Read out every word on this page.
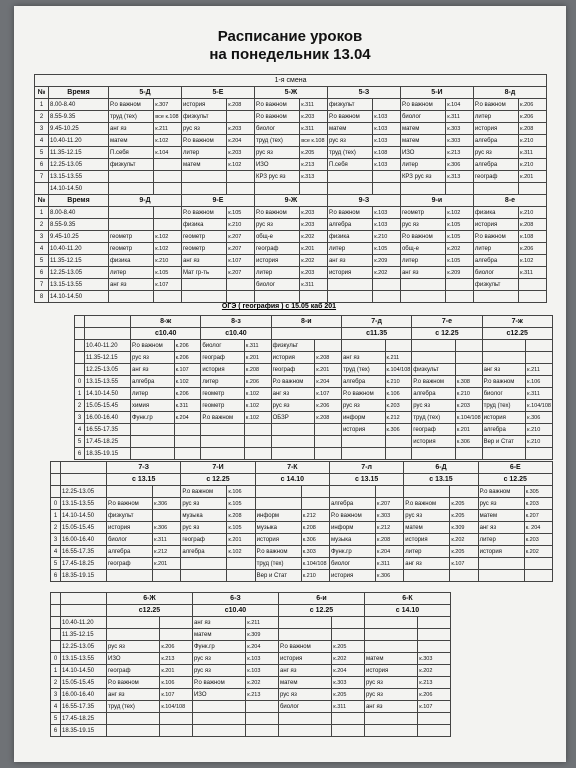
Расписание уроков
на понедельник 13.04
1-я смена													
№	Время	5-Д		5-Е		5-Ж		5-З		5-И		8-д	
1	8.00-8.40	Р.о важном	к.307	история	к.208	Р.о важном	к.311	физкульт		Р.о важном	к.104	Р.о важном	к.206
2	8.55-9.35	труд (тех)	все к.108	физкульт		Р.о важном	к.203	Р.о важном	к.103	биолог	к.311	литер	к.206
3	9.45-10.25	анг яз	к.211	рус яз	к.203	биолог	к.311	матем	к.103	матем	к.303	история	к.208
4	10.40-11.20	матем	к.102	Р.о важном	к.204	труд (тех)	все к.108	рус яз	к.103	матем	к.303	алгебра	к.210
5	11.35-12.15	П.себя	к.104	литер	к.203	рус яз	к.205	труд (тех)	к.108	ИЗО	к.213	рус яз	к.311
6	12.25-13.05	физкульт		матем	к.102	ИЗО	к.213	П.себя	к.103	литер	к.306	алгебра	к.210
7	13.15-13.55					КРЗ рус яз	к.313			КРЗ рус яз	к.313	географ	к.201
	14.10-14.50												
№	Время	9-Д		9-Е		9-Ж		9-З		9-и		8-е	
1	8.00-8.40			Р.о важном	к.105	Р.о важном	к.203	Р.о важном	к.103	геометр	к.102	физика	к.210
2	8.55-9.35			физика	к.210	рус яз	к.203	алгебра	к.103	рус яз	к.105	история	к.208
3	9.45-10.25	геометр	к.102	геометр	к.207	общ-е	к.202	физика	к.210	Р.о важном	к.105	Р.о важном	к.108
4	10.40-11.20	геометр	к.102	геометр	к.207	географ	к.201	литер	к.105	общ-е	к.202	литер	к.206
5	11.35-12.15	физика	к.210	анг яз	к.107	история	к.202	анг яз	к.209	литер	к.105	алгебра	к.102
6	12.25-13.05	литер	к.105	Мат гр-ть	к.207	литер	к.203	история	к.202	анг яз	к.209	биолог	к.311
7	13.15-13.55	анг яз	к.107			биолог	к.311					физкульт	
8	14.10-14.50												
ОГЭ ( география ) с 15.05 каб 201
		8-ж		8-з		8-и		7-д		7-е		7-ж	
		с10.40		с10.40				с11.35		с 12.25		с12.25	
	10.40-11.20	Р.о важном	к.206	биолог	к.311	физкульт							
	11.35-12.15	рус яз	к.206	географ	к.201	история	к.208	анг яз	к.211				
	12.25-13.05	анг яз	к.107	история	к.208	географ	к.201	труд (тех)	к.104/108	физкульт		анг яз	к.211
0	13.15-13.55	алгебра	к.102	литер	к.206	Р.о важном	к.204	алгебра	к.210	Р.о важном	к.308	Р.о важном	к.106
1	14.10-14.50	литер	к.206	геометр	к.102	анг яз	к.107	Р.о важном	к.106	алгебра	к.210	биолог	к.311
2	15.05-15.45	химия	к.311	геометр	к.102	рус яз	к.206	рус яз	к.203	рус яз	к.203	труд (тех)	к.104/108
3	16.00-16.40	Функ.гр	к.204	Р.о важном	к.102	ОБЗР	к.208	информ	к.212	труд (тех)	к.104/108	история	к.306
4	16.55-17.35							история	к.306	географ	к.201	алгебра	к.210
5	17.45-18.25									история	к.306	Вер и Стат	к.210
6	18.35-19.15												
		7-З		7-И		7-К		7-л		6-Д		6-Е	
		с 13.15		с 12.25		с 14.10		с 13.15		с 13.15		с 12.25	
	12.25-13.05			Р.о важном	к.106							Р.о важном	к.305
0	13.15-13.55	Р.о важном	к.306	рус яз	к.105			алгебра	к.207	Р.о важном	к.205	рус яз	к.203
1	14.10-14.50	физкульт		музыка	к.208	информ	к.212	Р.о важном	к.303	рус яз	к.205	матем	к.207
2	15.05-15.45	история	к.306	рус яз	к.105	музыка	к.208	информ	к.212	матем	к.309	анг яз	к. 204
3	16.00-16.40	биолог	к.311	географ	к.201	история	к.306	музыка	к.208	история	к.202	литер	к.203
4	16.55-17.35	алгебра	к.212	алгебра	к.102	Р.о важном	к.303	Функ.гр	к.204	литер	к.205	история	к.202
5	17.45-18.25	географ	к.201			труд (тех)	к.104/108	биолог	к.311	анг яз	к.107		
6	18.35-19.15					Вер и Стат	к.210	история	к.306				
		6-Ж		6-З		6-и		6-К	
		с12.25		с10.40		с 12.25		с 14.10	
	10.40-11.20			анг яз	к.211				
	11.35-12.15			матем	к.309				
	12.25-13.05	рус яз	к.206	Функ.гр	к.204	Р.о важном	к.205		
0	13.15-13.55	ИЗО	к.213	рус яз	к.103	история	к.202	матем	к.303
1	14.10-14.50	географ	к.201	рус яз	к.103	анг яз	к.204	история	к.202
2	15.05-15.45	Р.о важном	к.106	Р.о важном	к.202	матем	к.303	рус яз	к.213
3	16.00-16.40	анг яз	к.107	ИЗО	к.213	рус яз	к.205	рус яз	к.206
4	16.55-17.35	труд (тех)	к.104/108			биолог	к.311	анг яз	к.107
5	17.45-18.25								
6	18.35-19.15								
